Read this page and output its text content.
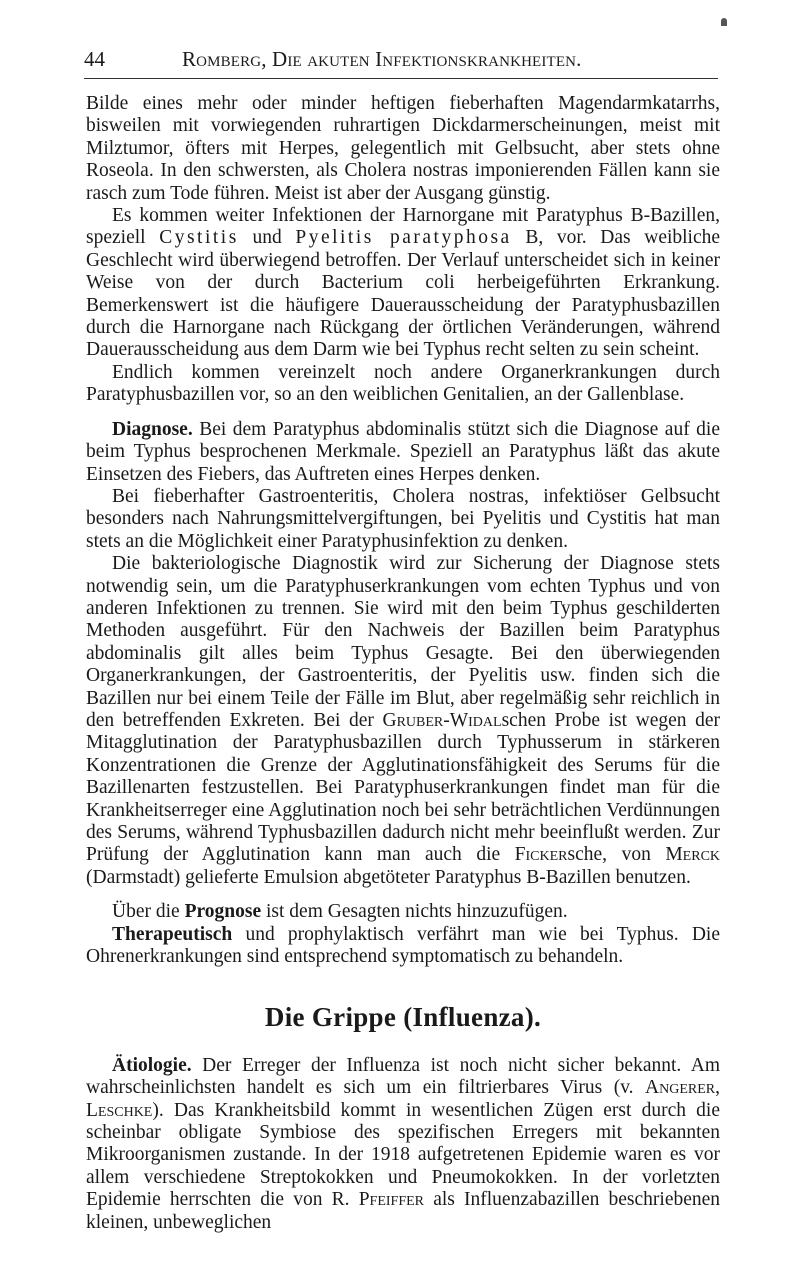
44	Romberg, Die akuten Infektionskrankheiten.

Bilde eines mehr oder minder heftigen fieberhaften Magendarmkatarrhs, bisweilen mit vorwiegenden ruhrartigen Dickdarmerscheinungen, meist mit Milztumor, öfters mit Herpes, gelegentlich mit Gelbsucht, aber stets ohne Roseola. In den schwersten, als Cholera nostras imponierenden Fällen kann sie rasch zum Tode führen. Meist ist aber der Ausgang günstig.

Es kommen weiter Infektionen der Harnorgane mit Paratyphus B-Bazillen, speziell Cystitis und Pyelitis paratyphosa B, vor. Das weibliche Geschlecht wird überwiegend betroffen. Der Verlauf unterscheidet sich in keiner Weise von der durch Bacterium coli herbeigeführten Erkrankung. Bemerkenswert ist die häufigere Dauerausscheidung der Paratyphusbazillen durch die Harnorgane nach Rückgang der örtlichen Veränderungen, während Dauerausscheidung aus dem Darm wie bei Typhus recht selten zu sein scheint.

Endlich kommen vereinzelt noch andere Organerkrankungen durch Paratyphusbazillen vor, so an den weiblichen Genitalien, an der Gallenblase.

Diagnose. Bei dem Paratyphus abdominalis stützt sich die Diagnose auf die beim Typhus besprochenen Merkmale. Speziell an Paratyphus läßt das akute Einsetzen des Fiebers, das Auftreten eines Herpes denken.

Bei fieberhafter Gastroenteritis, Cholera nostras, infektiöser Gelbsucht besonders nach Nahrungsmittelvergiftungen, bei Pyelitis und Cystitis hat man stets an die Möglichkeit einer Paratyphusinfektion zu denken.

Die bakteriologische Diagnostik wird zur Sicherung der Diagnose stets notwendig sein, um die Paratyphuserkrankungen vom echten Typhus und von anderen Infektionen zu trennen. Sie wird mit den beim Typhus geschilderten Methoden ausgeführt. Für den Nachweis der Bazillen beim Paratyphus abdominalis gilt alles beim Typhus Gesagte. Bei den überwiegenden Organerkrankungen, der Gastroenteritis, der Pyelitis usw. finden sich die Bazillen nur bei einem Teile der Fälle im Blut, aber regelmäßig sehr reichlich in den betreffenden Exkreten. Bei der Gruber-Widalschen Probe ist wegen der Mitagglutination der Paratyphusbazillen durch Typhusserum in stärkeren Konzentrationen die Grenze der Agglutinationsfähigkeit des Serums für die Bazillenarten festzustellen. Bei Paratyphuserkrankungen findet man für die Krankheitserreger eine Agglutination noch bei sehr beträchtlichen Verdünnungen des Serums, während Typhusbazillen dadurch nicht mehr beeinflußt werden. Zur Prüfung der Agglutination kann man auch die Fickersche, von Merck (Darmstadt) gelieferte Emulsion abgetöteter Paratyphus B-Bazillen benutzen.

Über die Prognose ist dem Gesagten nichts hinzuzufügen.

Therapeutisch und prophylaktisch verfährt man wie bei Typhus. Die Ohrenerkrankungen sind entsprechend symptomatisch zu behandeln.

Die Grippe (Influenza).

Ätiologie. Der Erreger der Influenza ist noch nicht sicher bekannt. Am wahrscheinlichsten handelt es sich um ein filtrierbares Virus (v. Angerer, Leschke). Das Krankheitsbild kommt in wesentlichen Zügen erst durch die scheinbar obligate Symbiose des spezifischen Erregers mit bekannten Mikroorganismen zustande. In der 1918 aufgetretenen Epidemie waren es vor allem verschiedene Streptokokken und Pneumokokken. In der vorletzten Epidemie herrschten die von R. Pfeiffer als Influenzabazillen beschriebenen kleinen, unbeweglichen
